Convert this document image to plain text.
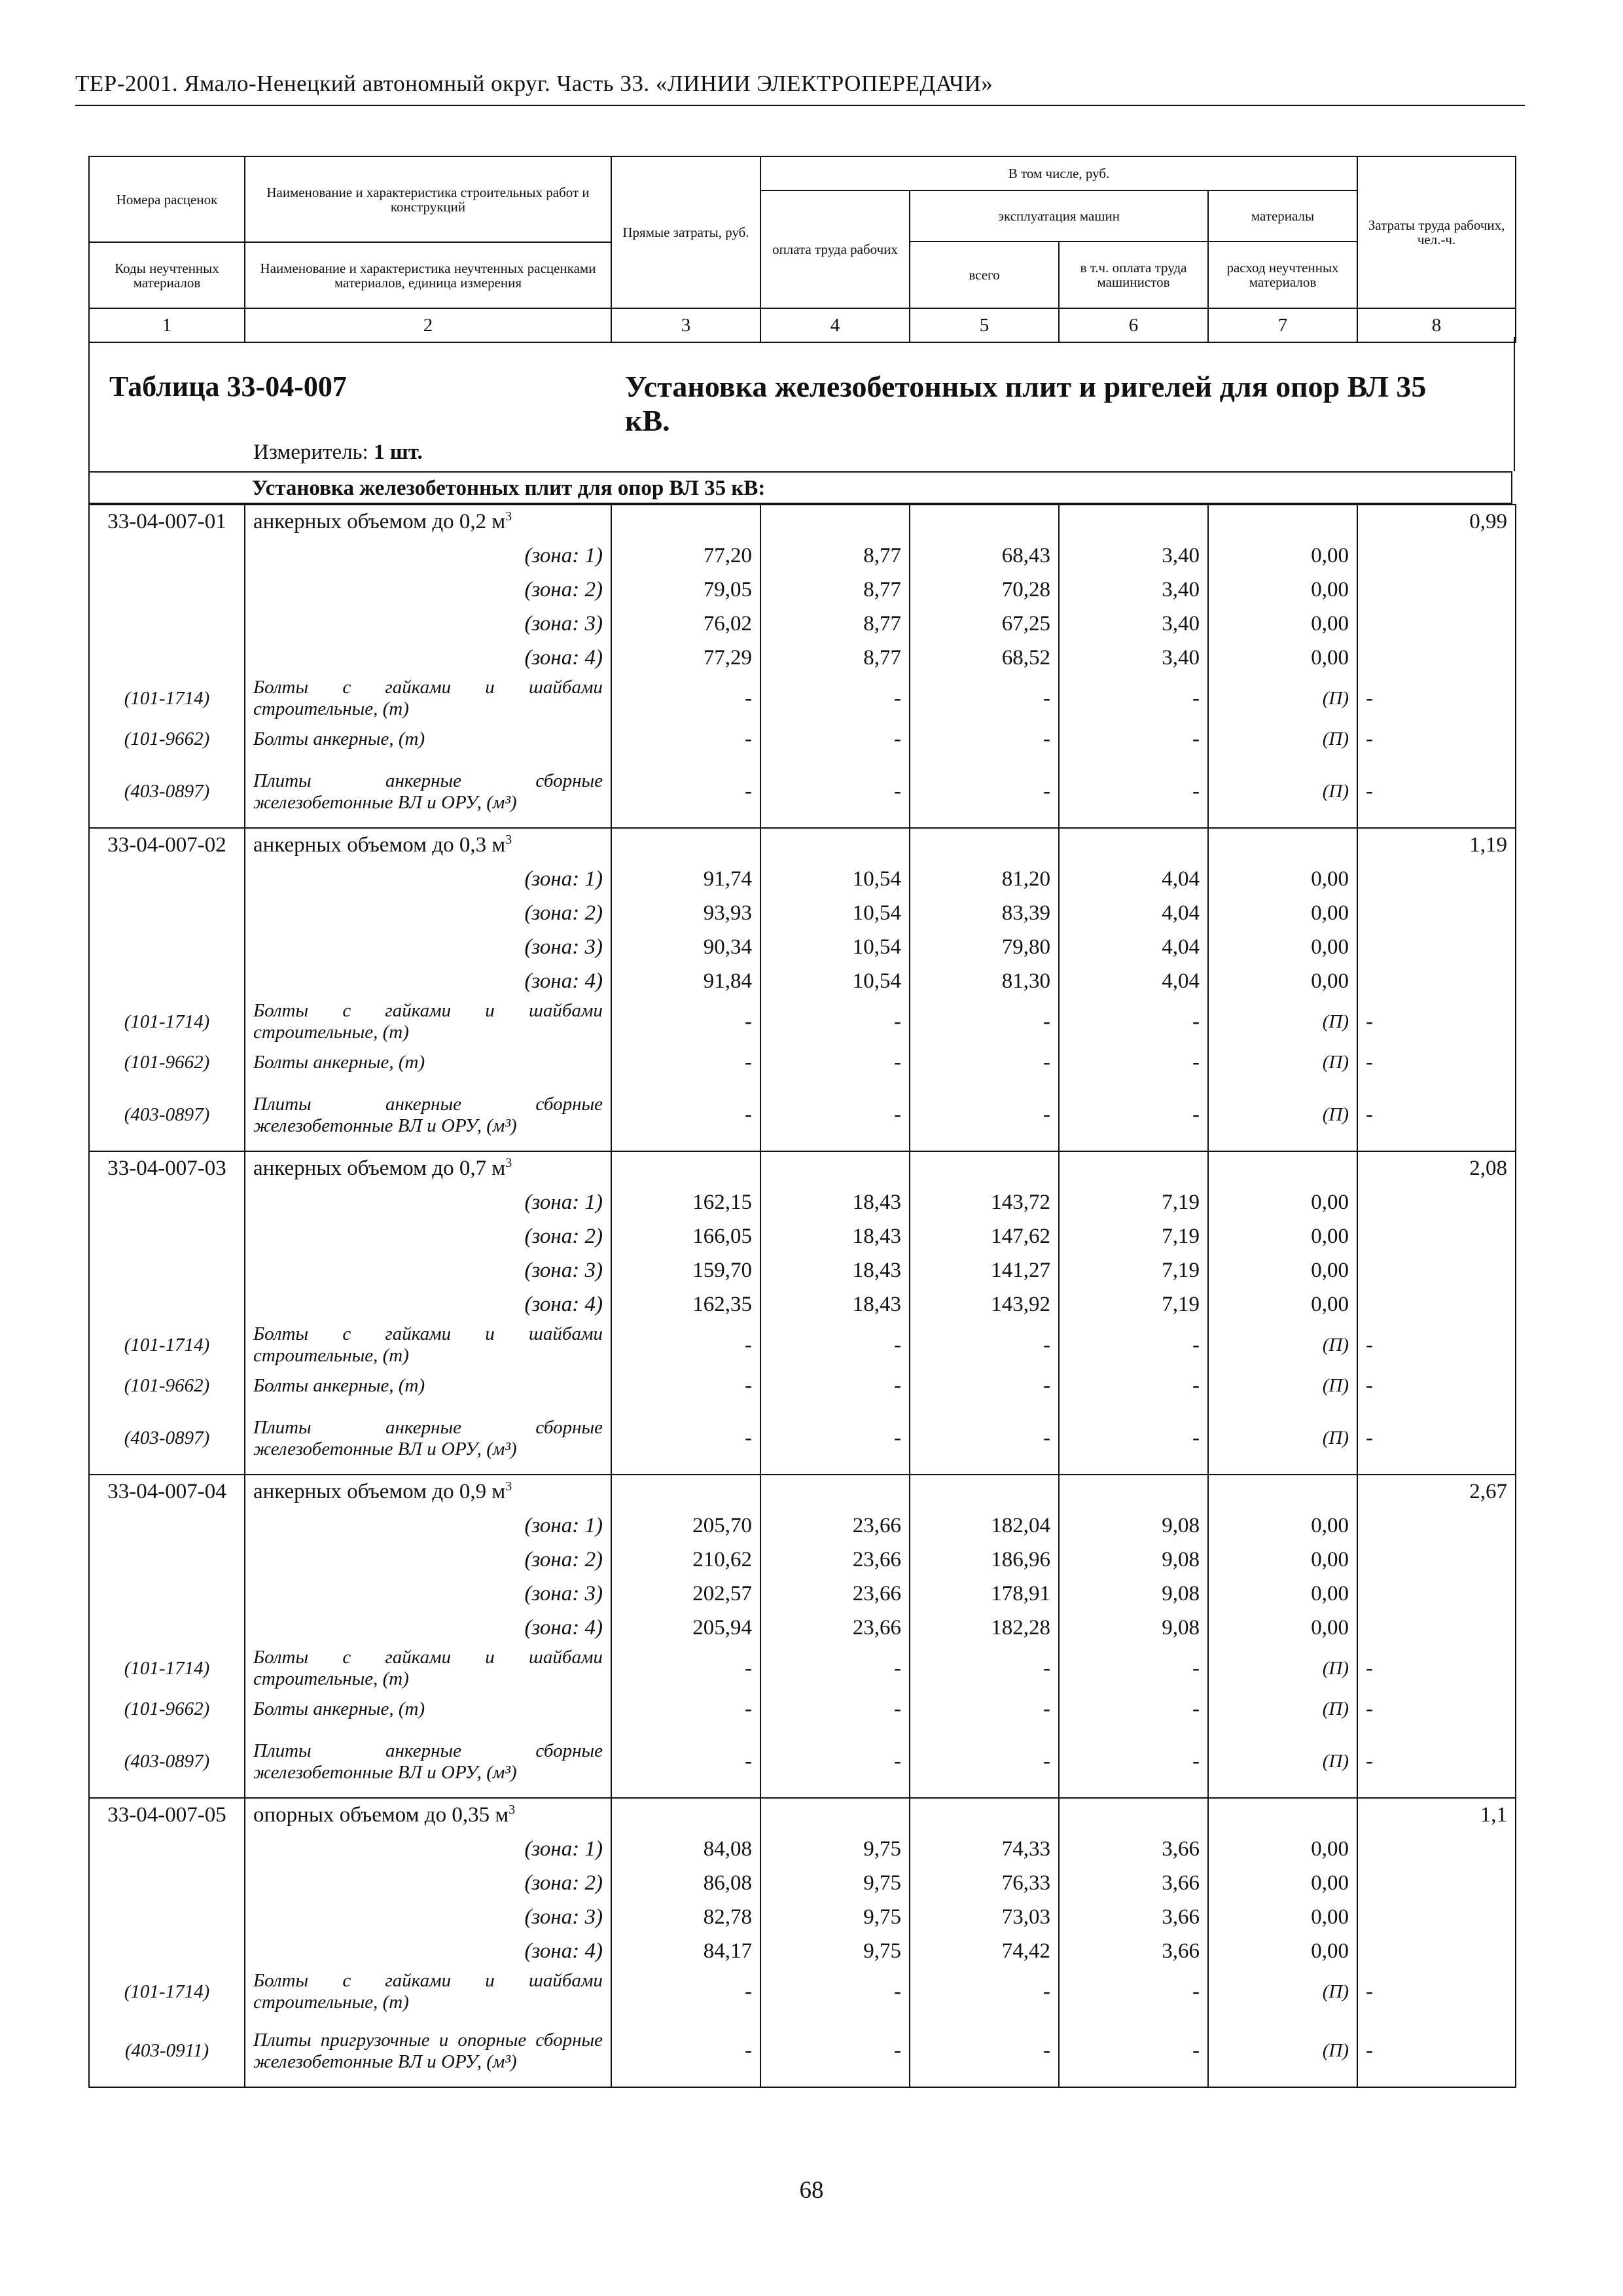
ТЕР-2001. Ямало-Ненецкий автономный округ. Часть 33. «ЛИНИИ ЭЛЕКТРОПЕРЕДАЧИ»
Номера расценок	Наименование и характеристика строительных работ и конструкций	Прямые затраты, руб.	В том числе, руб.				Затраты труда рабочих, чел.-ч.
			оплата труда рабочих	эксплуатация машин		материалы	
				всего	в т.ч. оплата труда машинистов	расход неучтенных материалов	
Коды неучтенных материалов	Наименование и характеристика неучтенных расценками материалов, единица измерения						

1	2	3	4	5	6	7	8
Таблица 33-04-007	Установка железобетонных плит и ригелей для опор ВЛ 35 кВ.
Измеритель: 1 шт.
Установка железобетонных плит для опор ВЛ 35 кВ:
33-04-007-01	анкерных объемом до 0,2 $м^3$						0,99
	(зона: 1)	77,20	8,77	68,43	3,40	0,00	
	(зона: 2)	79,05	8,77	70,28	3,40	0,00	
	(зона: 3)	76,02	8,77	67,25	3,40	0,00	
	(зона: 4)	77,29	8,77	68,52	3,40	0,00	
(101-1714)	Болты с гайками и шайбами строительные, (т)	-	-	-	-	(П)	-
(101-9662)	Болты анкерные, (т)	-	-	-	-	(П)	-
(403-0897)	Плиты анкерные сборные железобетонные ВЛ и ОРУ, (м³)	-	-	-	-	(П)	-
33-04-007-02	анкерных объемом до 0,3 $м^3$						1,19
	(зона: 1)	91,74	10,54	81,20	4,04	0,00	
	(зона: 2)	93,93	10,54	83,39	4,04	0,00	
	(зона: 3)	90,34	10,54	79,80	4,04	0,00	
	(зона: 4)	91,84	10,54	81,30	4,04	0,00	
(101-1714)	Болты с гайками и шайбами строительные, (т)	-	-	-	-	(П)	-
(101-9662)	Болты анкерные, (т)	-	-	-	-	(П)	-
(403-0897)	Плиты анкерные сборные железобетонные ВЛ и ОРУ, (м³)	-	-	-	-	(П)	-
33-04-007-03	анкерных объемом до 0,7 $м^3$						2,08
	(зона: 1)	162,15	18,43	143,72	7,19	0,00	
	(зона: 2)	166,05	18,43	147,62	7,19	0,00	
	(зона: 3)	159,70	18,43	141,27	7,19	0,00	
	(зона: 4)	162,35	18,43	143,92	7,19	0,00	
(101-1714)	Болты с гайками и шайбами строительные, (т)	-	-	-	-	(П)	-
(101-9662)	Болты анкерные, (т)	-	-	-	-	(П)	-
(403-0897)	Плиты анкерные сборные железобетонные ВЛ и ОРУ, (м³)	-	-	-	-	(П)	-
33-04-007-04	анкерных объемом до 0,9 $м^3$						2,67
	(зона: 1)	205,70	23,66	182,04	9,08	0,00	
	(зона: 2)	210,62	23,66	186,96	9,08	0,00	
	(зона: 3)	202,57	23,66	178,91	9,08	0,00	
	(зона: 4)	205,94	23,66	182,28	9,08	0,00	
(101-1714)	Болты с гайками и шайбами строительные, (т)	-	-	-	-	(П)	-
(101-9662)	Болты анкерные, (т)	-	-	-	-	(П)	-
(403-0897)	Плиты анкерные сборные железобетонные ВЛ и ОРУ, (м³)	-	-	-	-	(П)	-
33-04-007-05	опорных объемом до 0,35 $м^3$						1,1
	(зона: 1)	84,08	9,75	74,33	3,66	0,00	
	(зона: 2)	86,08	9,75	76,33	3,66	0,00	
	(зона: 3)	82,78	9,75	73,03	3,66	0,00	
	(зона: 4)	84,17	9,75	74,42	3,66	0,00	
(101-1714)	Болты с гайками и шайбами строительные, (т)	-	-	-	-	(П)	-
(403-0911)	Плиты пригрузочные и опорные сборные железобетонные ВЛ и ОРУ, (м³)	-	-	-	-	(П)	-
68
